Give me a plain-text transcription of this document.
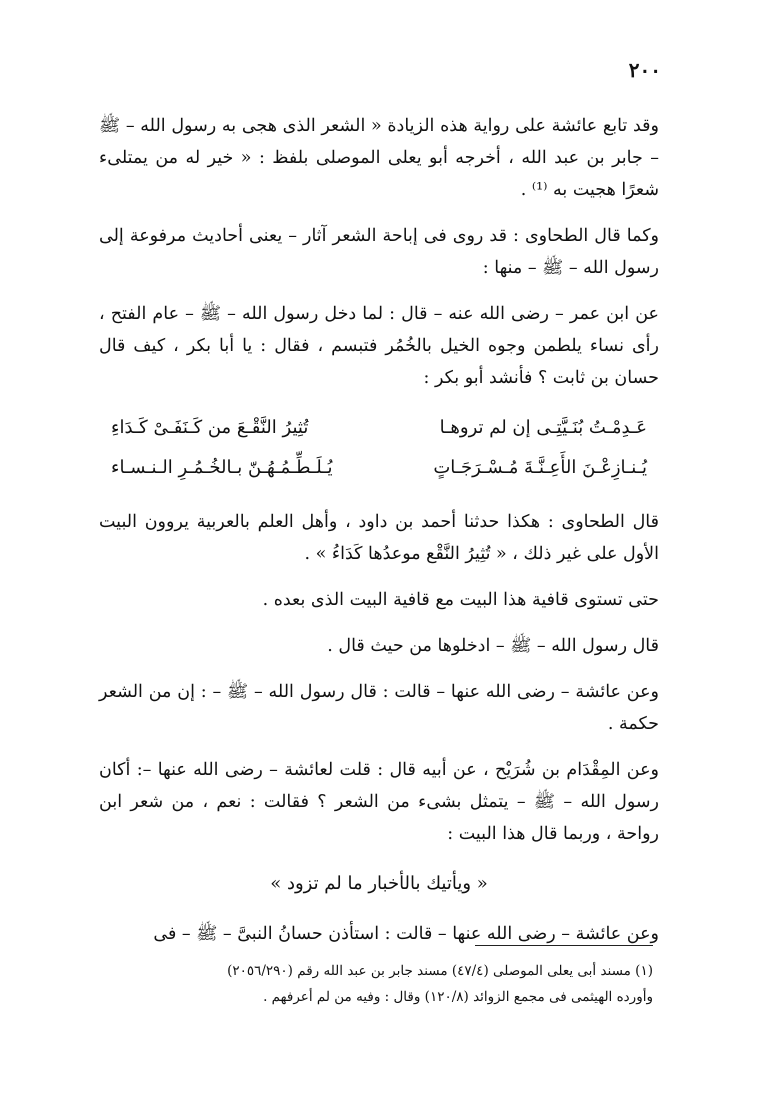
٢٠٠

وقد تابع عائشة على رواية هذه الزيادة « الشعر الذى هجى به رسول الله – ﷺ – جابر بن عبد الله ، أخرجه أبو يعلى الموصلى بلفظ : « خير له من يمتلىء شعرًا هجيت به ⁽¹⁾ .

وكما قال الطحاوى : قد روى فى إباحة الشعر آثار – يعنى أحاديث مرفوعة إلى رسول الله – ﷺ – منها :

عن ابن عمر – رضى الله عنه – قال : لما دخل رسول الله – ﷺ – عام الفتح ، رأى نساء يلطمن وجوه الخيل بالخُمُر فتبسم ، فقال : يا أبا بكر ، كيف قال حسان بن ثابت ؟ فأنشد أبو بكر :

عَـدِمْـتُ بُنَـيَّتِـى إن لم تروهـا
تُثِيرُ النَّقْـعَ من كَـنَفَـىْ كَـدَاءِ
يُـنـازِعْـنَ الأَعِـنَّـةَ مُـسْـرَجَـاتٍ
يُـلَـطِّـمُـهُـنّ بـالخُـمُـرِ الـنـسـاء

قال الطحاوى : هكذا حدثنا أحمد بن داود ، وأهل العلم بالعربية يروون البيت الأول على غير ذلك ، « تُثِيرُ النَّقْع موعدُها كَدَاءُ » .

حتى تستوى قافية هذا البيت مع قافية البيت الذى بعده .

قال رسول الله – ﷺ – ادخلوها من حيث قال .

وعن عائشة – رضى الله عنها – قالت : قال رسول الله – ﷺ – : إن من الشعر حكمة .

وعن المِقْدَام بن شُرَيْح ، عن أبيه قال : قلت لعائشة – رضى الله عنها –: أكان رسول الله – ﷺ – يتمثل بشىء من الشعر ؟ فقالت : نعم ، من شعر ابن رواحة ، وربما قال هذا البيت :

« ويأتيك بالأخبار ما لم تزود »

وعن عائشة – رضى الله عنها – قالت : استأذن حسانُ النبىَّ – ﷺ – فى

(١) مسند أبى يعلى الموصلى (٤٧/٤) مسند جابر بن عبد الله رقم (٢٠٥٦/٢٩٠)
وأورده الهيثمى فى مجمع الزوائد (١٢٠/٨) وقال : وفيه من لم أعرفهم .
